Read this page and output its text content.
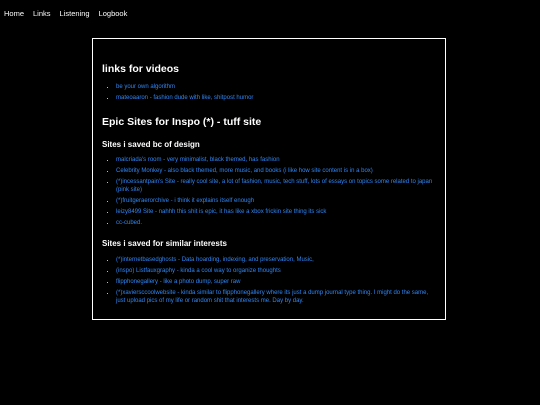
Home Links Listening Logbook
links for videos
• be your own algorithm
• mateoaaron - fashion dude with like, shitpost humor
Epic Sites for Inspo (*) - tuff site
Sites i saved bc of design
• malcriada's room - very minimalist, black themed, has fashion
• Celebrity Monkey - also black themed, more music, and books (i like how site content is in a box)
• (*)incessantpain's Site - really cool site, a lot of fashion, music, tech stuff, lots of essays on topics some related to japan (pink site)
• (*)fruitgeraerorchive - i think it explains itself enough
• leizy8499 Site - nahhh this shit is epic, it has like a xbox frickin site thing its sick
• cc-cubed.
Sites i saved for similar interests
• (*)internetbasedghosts - Data hoarding, indexing, and preservation, Music,
• (inspo) Listfauxgraphy - kinda a cool way to organize thoughts
• flipphonegallery - like a photo dump, super raw
• (*)xaviersccoolwebsite - kinda similar to flipphonegallery where its just a dump journal type thing. I might do the same, just upload pics of my life or random shit that interests me. Day by day.
